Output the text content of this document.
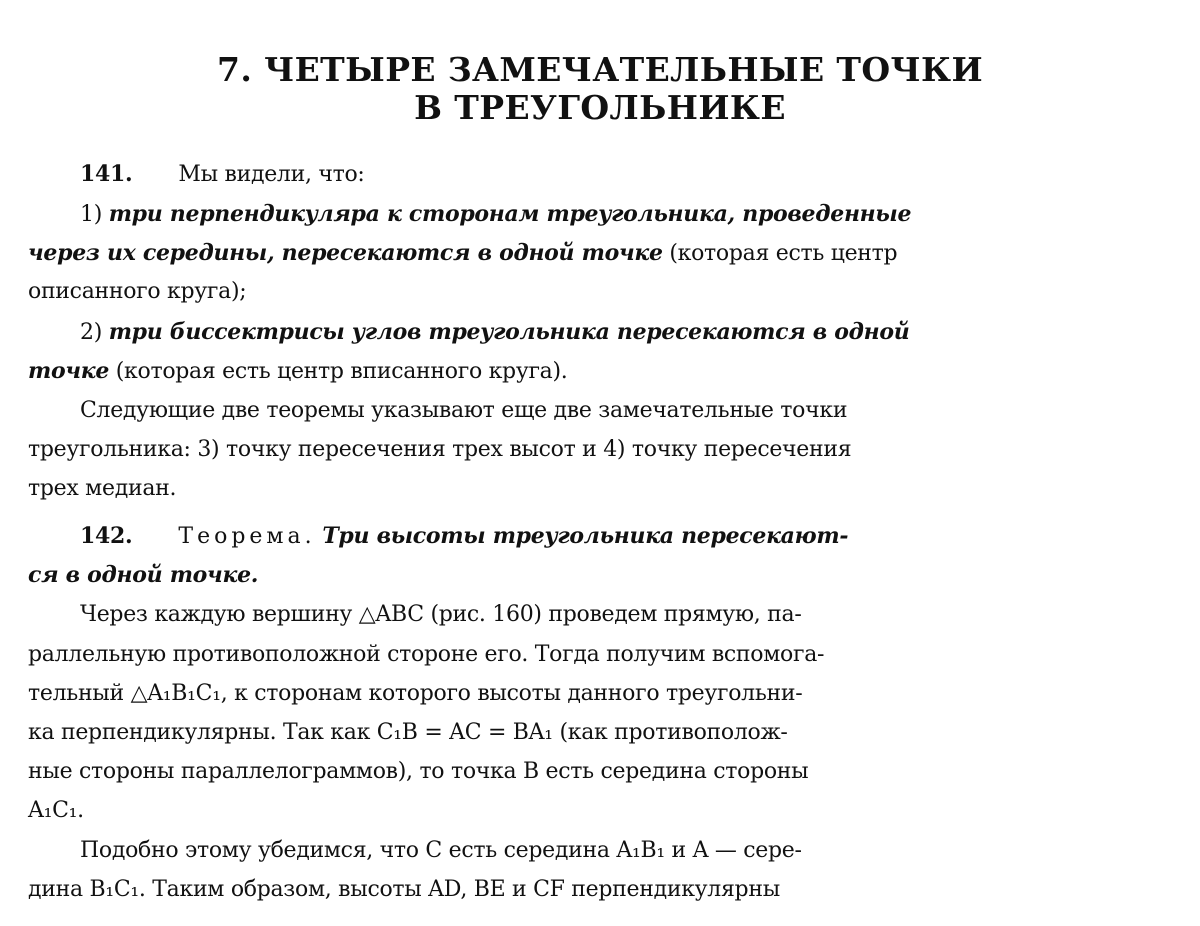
7. ЧЕТЫРЕ ЗАМЕЧАТЕЛЬНЫЕ ТОЧКИ
В ТРЕУГОЛЬНИКЕ
141. Мы видели, что:
1) три перпендикуляра к сторонам треугольника, проведенные
через их середины, пересекаются в одной точке (которая есть центр
описанного круга);
2) три биссектрисы углов треугольника пересекаются в одной
точке (которая есть центр вписанного круга).
Следующие две теоремы указывают еще две замечательные точки
треугольника: 3) точку пересечения трех высот и 4) точку пересечения
трех медиан.
142. Теорема. Три высоты треугольника пересекают-
ся в одной точке.
Через каждую вершину △ABC (рис. 160) проведем прямую, па-
раллельную противоположной стороне его. Тогда получим вспомога-
тельный △A₁B₁C₁, к сторонам которого высоты данного треугольни-
ка перпендикулярны. Так как C₁B = AC = BA₁ (как противополож-
ные стороны параллелограммов), то точка B есть середина стороны
A₁C₁.
Подобно этому убедимся, что C есть середина A₁B₁ и A — сере-
дина B₁C₁. Таким образом, высоты AD, BE и CF перпендикулярны
